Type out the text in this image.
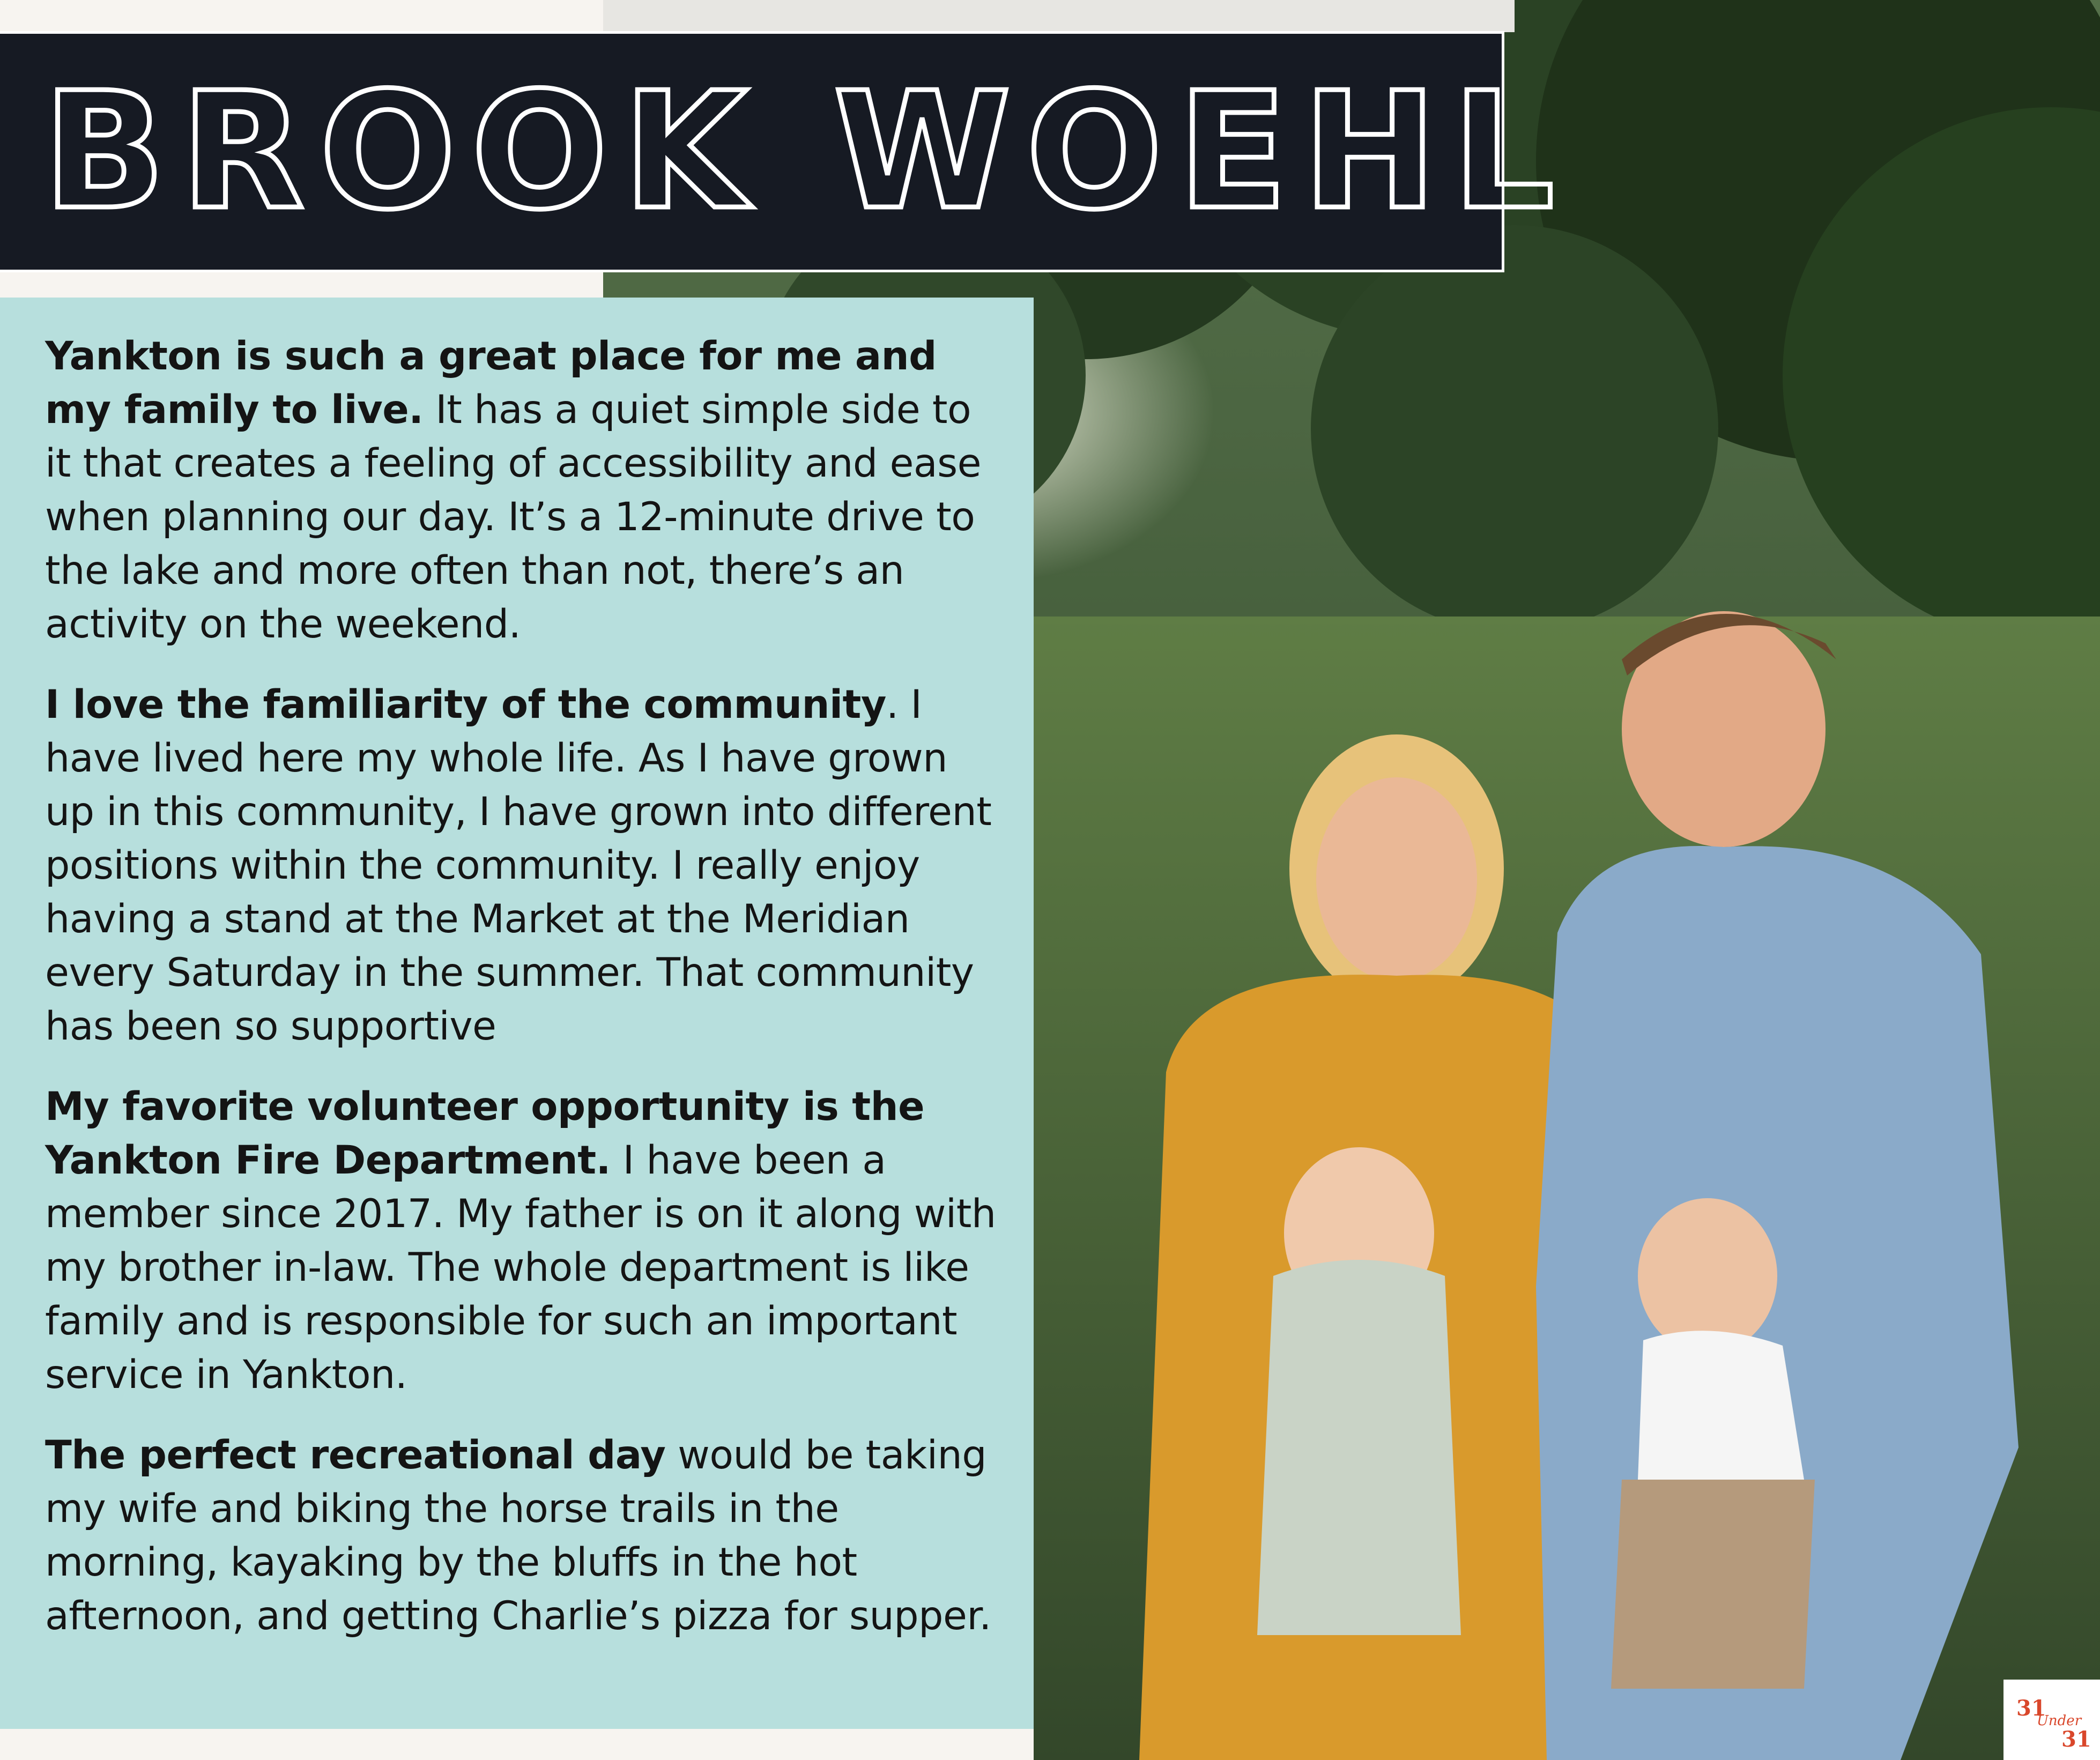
BROOK WOEHL

Yankton is such a great place for me and my family to live. It has a quiet simple side to it that creates a feeling of accessibility and ease when planning our day. It’s a 12-minute drive to the lake and more often than not, there’s an activity on the weekend.

I love the familiarity of the community. I have lived here my whole life. As I have grown up in this community, I have grown into different positions within the community. I really enjoy having a stand at the Market at the Meridian every Saturday in the summer. That community has been so supportive

My favorite volunteer opportunity is the Yankton Fire Department. I have been a member since 2017. My father is on it along with my brother in-law. The whole department is like family and is responsible for such an important service in Yankton.

The perfect recreational day would be taking my wife and biking the horse trails in the morning, kayaking by the bluffs in the hot afternoon, and getting Charlie’s pizza for supper.

31
Under
31
